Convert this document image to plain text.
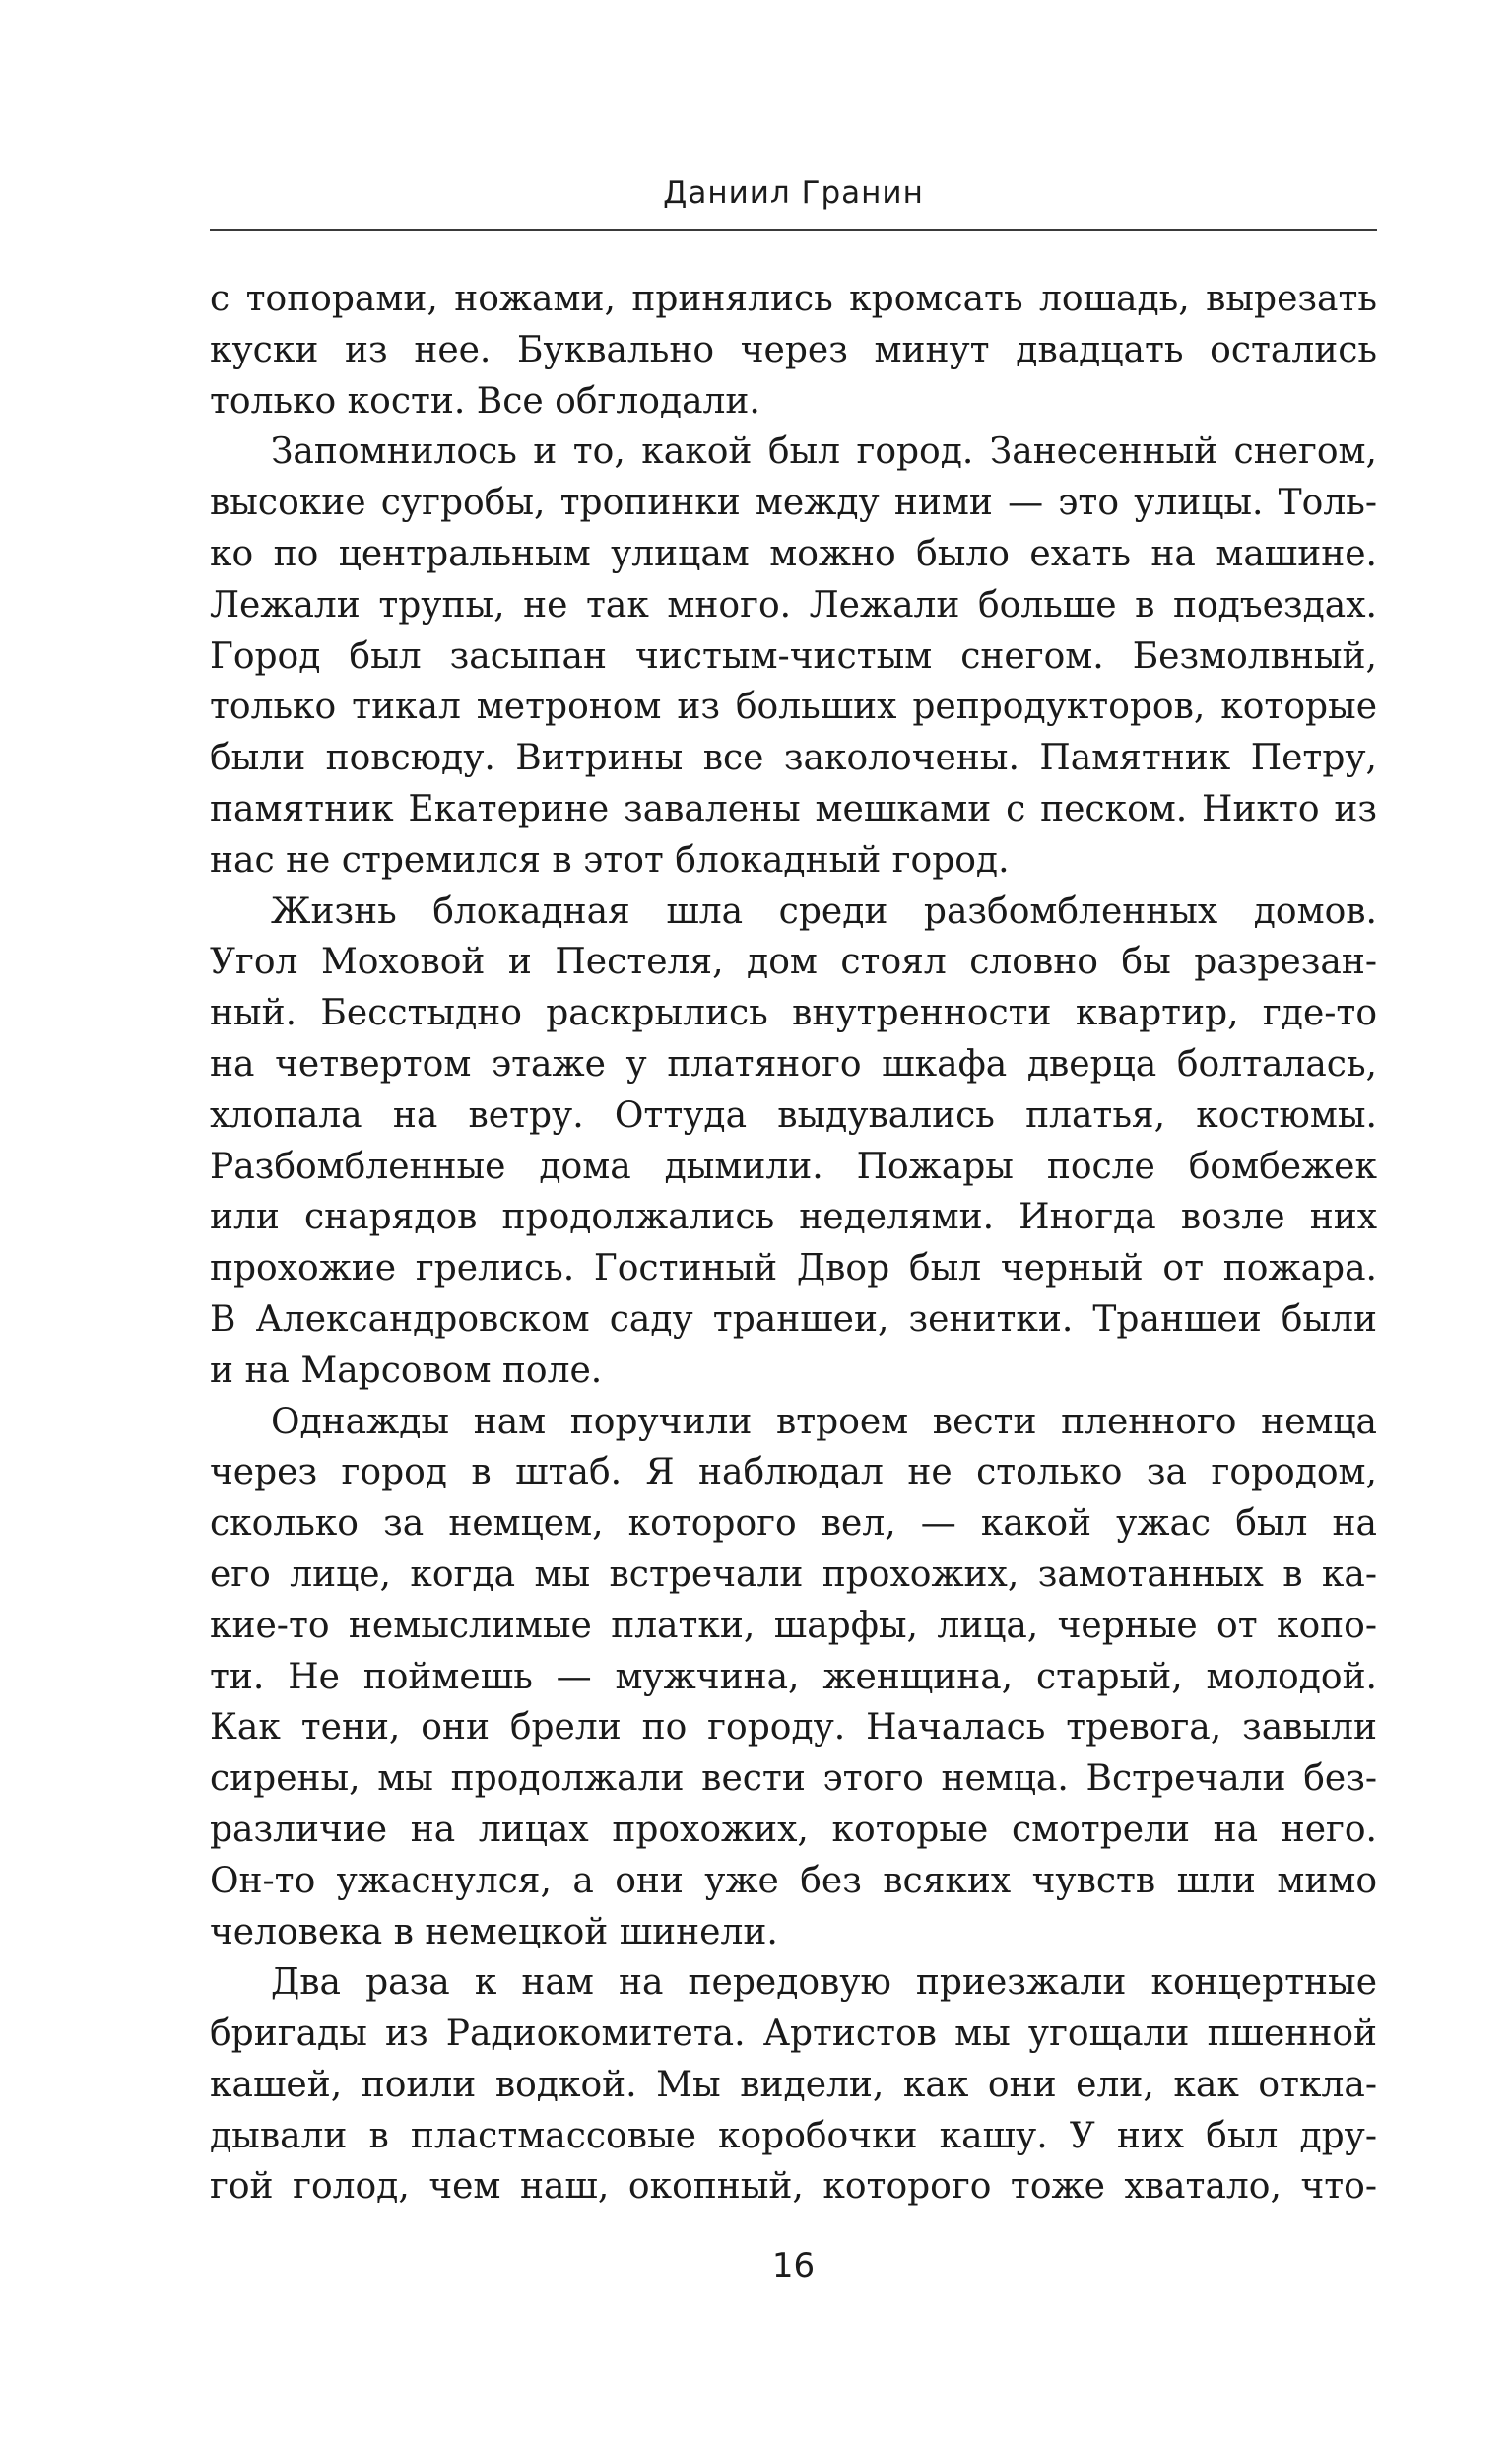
Даниил Гранин
с топорами, ножами, принялись кромсать лошадь, вырезать
куски из нее. Буквально через минут двадцать остались
только кости. Все обглодали.
Запомнилось и то, какой был город. Занесенный снегом,
высокие сугробы, тропинки между ними — это улицы. Толь-
ко по центральным улицам можно было ехать на машине.
Лежали трупы, не так много. Лежали больше в подъездах.
Город был засыпан чистым-чистым снегом. Безмолвный,
только тикал метроном из больших репродукторов, которые
были повсюду. Витрины все заколочены. Памятник Петру,
памятник Екатерине завалены мешками с песком. Никто из
нас не стремился в этот блокадный город.
Жизнь блокадная шла среди разбомбленных домов.
Угол Моховой и Пестеля, дом стоял словно бы разрезан-
ный. Бесстыдно раскрылись внутренности квартир, где-то
на четвертом этаже у платяного шкафа дверца болталась,
хлопала на ветру. Оттуда выдувались платья, костюмы.
Разбомбленные дома дымили. Пожары после бомбежек
или снарядов продолжались неделями. Иногда возле них
прохожие грелись. Гостиный Двор был черный от пожара.
В Александровском саду траншеи, зенитки. Траншеи были
и на Марсовом поле.
Однажды нам поручили втроем вести пленного немца
через город в штаб. Я наблюдал не столько за городом,
сколько за немцем, которого вел, — какой ужас был на
его лице, когда мы встречали прохожих, замотанных в ка-
кие-то немыслимые платки, шарфы, лица, черные от копо-
ти. Не поймешь — мужчина, женщина, старый, молодой.
Как тени, они брели по городу. Началась тревога, завыли
сирены, мы продолжали вести этого немца. Встречали без-
различие на лицах прохожих, которые смотрели на него.
Он-то ужаснулся, а они уже без всяких чувств шли мимо
человека в немецкой шинели.
Два раза к нам на передовую приезжали концертные
бригады из Радиокомитета. Артистов мы угощали пшенной
кашей, поили водкой. Мы видели, как они ели, как откла-
дывали в пластмассовые коробочки кашу. У них был дру-
гой голод, чем наш, окопный, которого тоже хватало, что-
16
